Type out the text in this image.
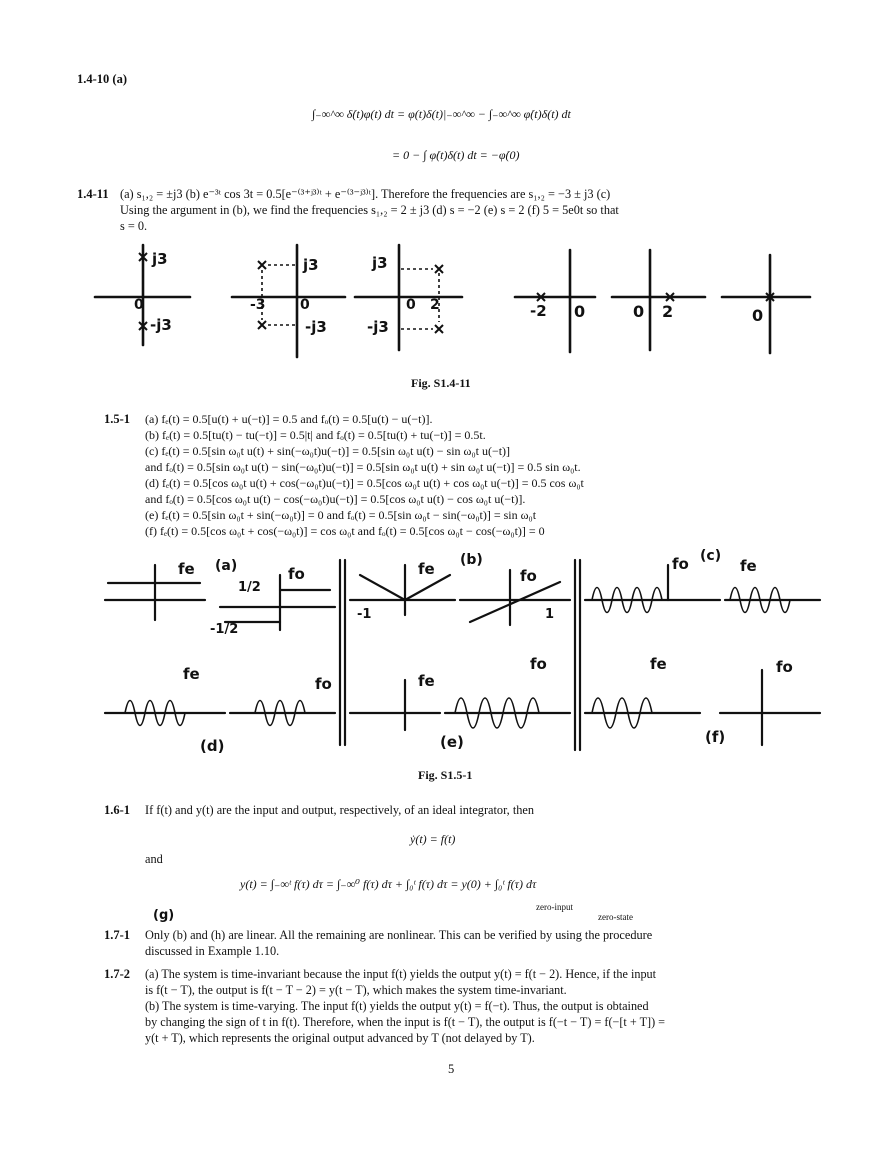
1.4-10 (a)
∫₋∞^∞ δ̇(t)φ(t) dt = φ(t)δ(t)|₋∞^∞ − ∫₋∞^∞ φ̇(t)δ(t) dt
= 0 − ∫ φ̇(t)δ(t) dt = −φ̇(0)
1.4-11 (a) s₁,₂ = ±j3 (b) e⁻³ᵗ cos 3t = 0.5[e⁻⁽³⁺ʲ³⁾ᵗ + e⁻⁽³⁻ʲ³⁾ᵗ]. Therefore the frequencies are s₁,₂ = −3 ± j3 (c)
Using the argument in (b), we find the frequencies s₁,₂ = 2 ± j3 (d) s = −2 (e) s = 2 (f) 5 = 5e0t so that
s = 0.
j3
-j3
0
j3
-3 0
-j3
j3
0 2
-j3
-2 0	0 2	0
Fig. S1.4-11
1.5-1 (a) fₑ(t) = 0.5[u(t) + u(−t)] = 0.5 and fₒ(t) = 0.5[u(t) − u(−t)].
(b) fₑ(t) = 0.5[tu(t) − tu(−t)] = 0.5|t| and fₒ(t) = 0.5[tu(t) + tu(−t)] = 0.5t.
(c) fₑ(t) = 0.5[sin ω₀t u(t) + sin(−ω₀t)u(−t)] = 0.5[sin ω₀t u(t) − sin ω₀t u(−t)]
and fₒ(t) = 0.5[sin ω₀t u(t) − sin(−ω₀t)u(−t)] = 0.5[sin ω₀t u(t) + sin ω₀t u(−t)] = 0.5 sin ω₀t.
(d) fₑ(t) = 0.5[cos ω₀t u(t) + cos(−ω₀t)u(−t)] = 0.5[cos ω₀t u(t) + cos ω₀t u(−t)] = 0.5 cos ω₀t
and fₒ(t) = 0.5[cos ω₀t u(t) − cos(−ω₀t)u(−t)] = 0.5[cos ω₀t u(t) − cos ω₀t u(−t)].
(e) fₑ(t) = 0.5[sin ω₀t + sin(−ω₀t)] = 0 and fₒ(t) = 0.5[sin ω₀t − sin(−ω₀t)] = sin ω₀t
(f) fₑ(t) = 0.5[cos ω₀t + cos(−ω₀t)] = cos ω₀t and fₒ(t) = 0.5[cos ω₀t − cos(−ω₀t)] = 0
fe (a)	fo
1/2
-1/2
fe (b)
fo
-1	1
fo (c)
fe
fe
fo
(d)
fe
fo
(e)
fe	fo
(f)
Fig. S1.5-1
1.6-1 If f(t) and y(t) are the input and output, respectively, of an ideal integrator, then
ẏ(t) = f(t)
and
y(t) = ∫₋∞ᵗ f(τ) dτ = ∫₋∞⁰ f(τ) dτ + ∫₀ᵗ f(τ) dτ = y(0) + ∫₀ᵗ f(τ) dτ
zero-input
zero-state
(g)
1.7-1 Only (b) and (h) are linear. All the remaining are nonlinear. This can be verified by using the procedure
discussed in Example 1.10.
1.7-2 (a) The system is time-invariant because the input f(t) yields the output y(t) = f(t − 2). Hence, if the input
is f(t − T), the output is f(t − T − 2) = y(t − T), which makes the system time-invariant.
(b) The system is time-varying. The input f(t) yields the output y(t) = f(−t). Thus, the output is obtained
by changing the sign of t in f(t). Therefore, when the input is f(t − T), the output is f(−t − T) = f(−[t + T]) =
y(t + T), which represents the original output advanced by T (not delayed by T).
5
